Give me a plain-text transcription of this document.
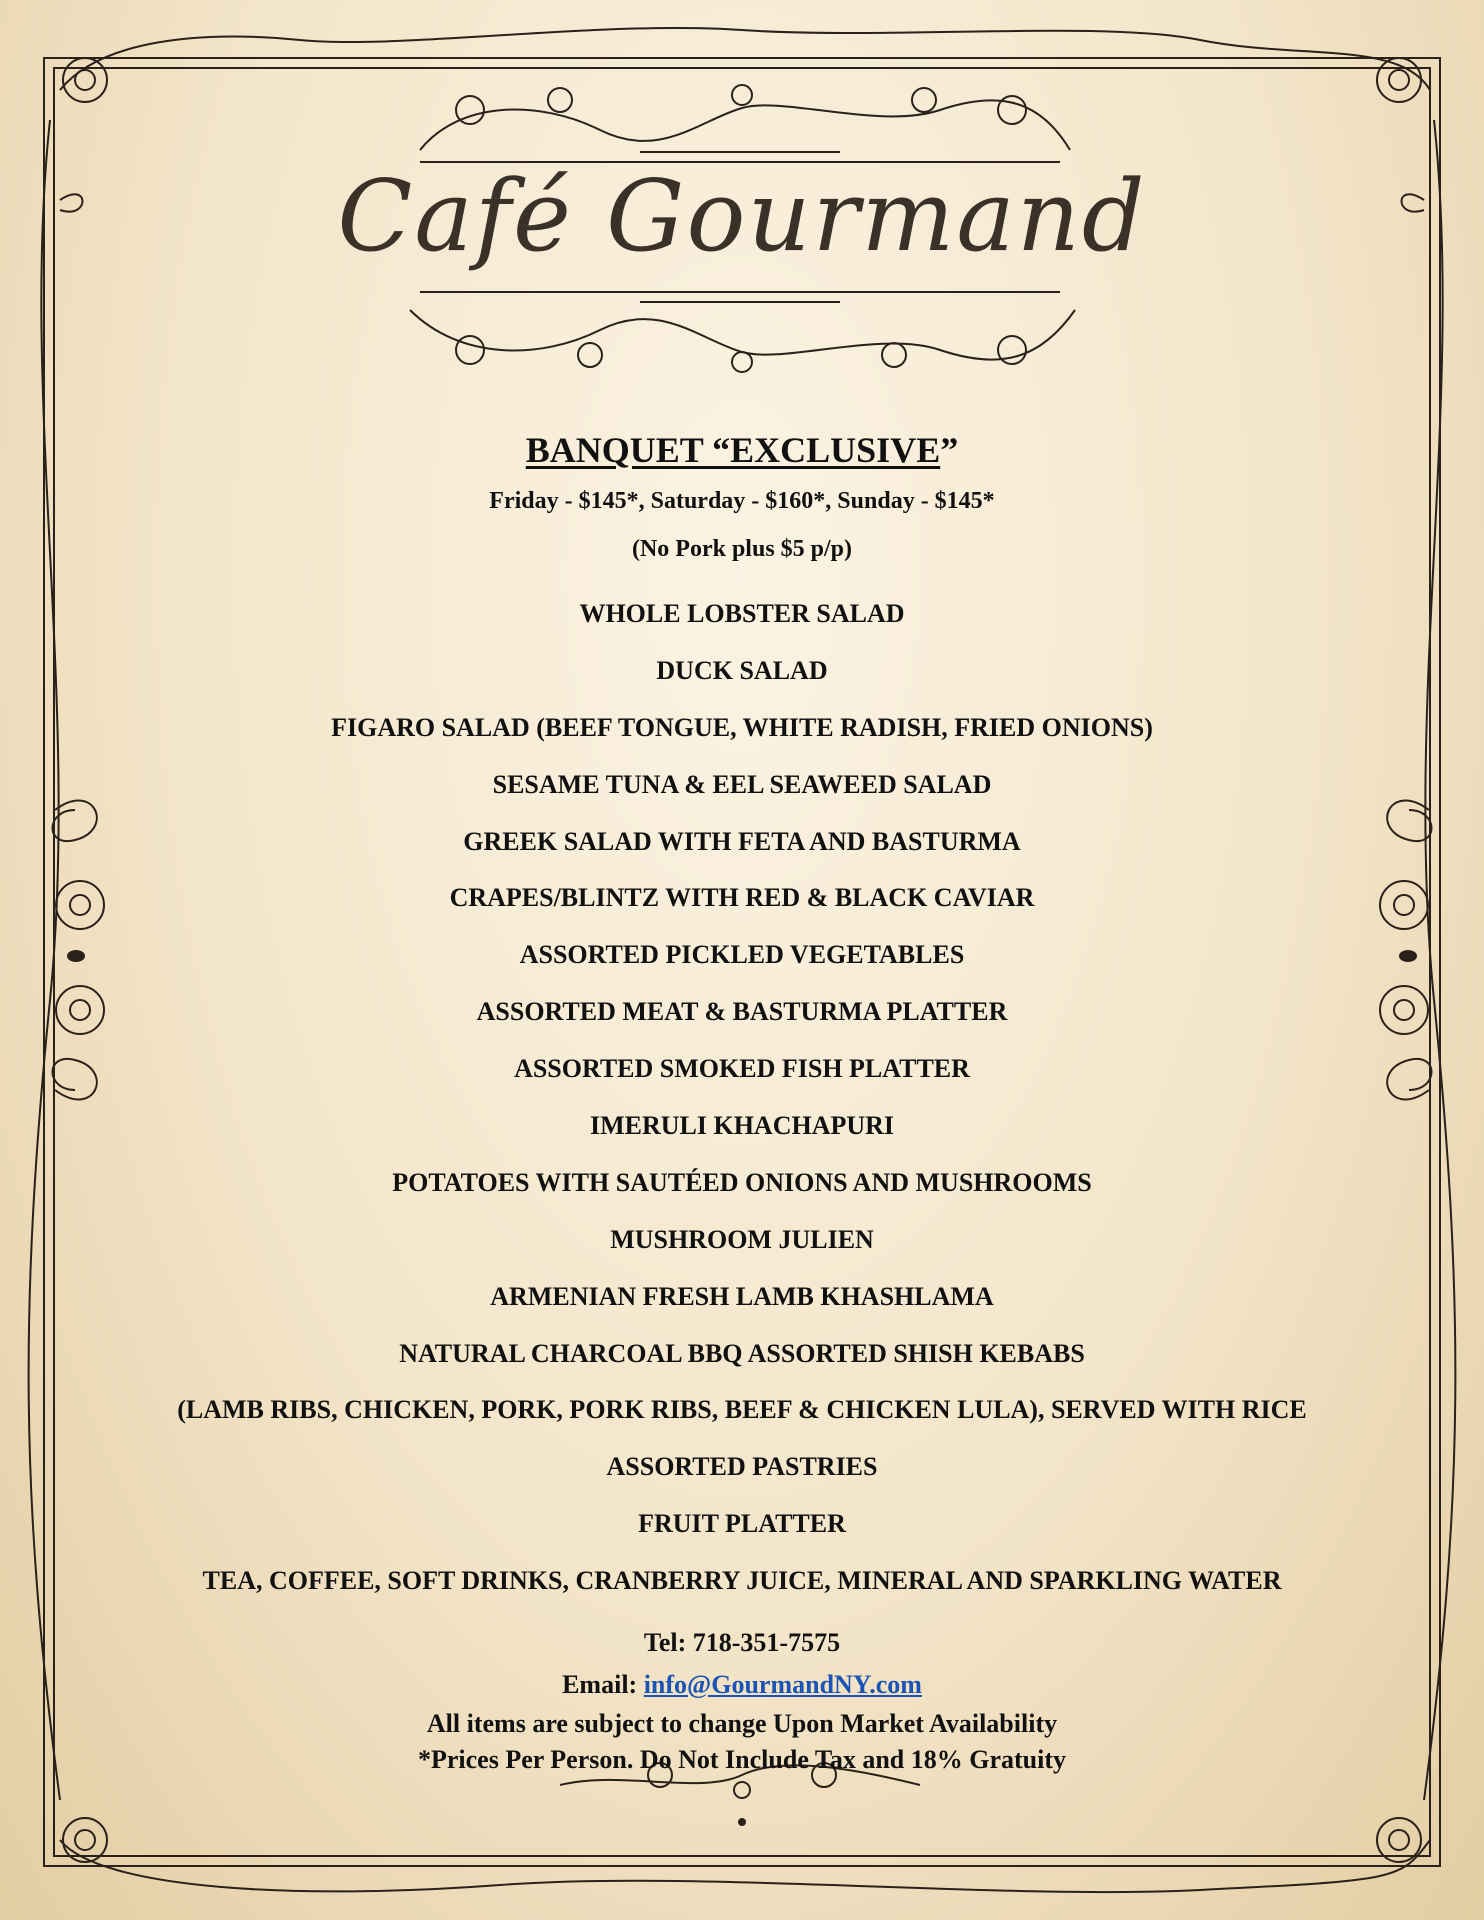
Café Gourmand
BANQUET “EXCLUSIVE”
Friday - $145*, Saturday - $160*, Sunday - $145*
(No Pork plus $5 p/p)
WHOLE LOBSTER SALAD
DUCK SALAD
FIGARO SALAD (BEEF TONGUE, WHITE RADISH, FRIED ONIONS)
SESAME TUNA & EEL SEAWEED SALAD
GREEK SALAD WITH FETA AND BASTURMA
CRAPES/BLINTZ WITH RED & BLACK CAVIAR
ASSORTED PICKLED VEGETABLES
ASSORTED MEAT & BASTURMA PLATTER
ASSORTED SMOKED FISH PLATTER
IMERULI KHACHAPURI
POTATOES WITH SAUTÉED ONIONS AND MUSHROOMS
MUSHROOM JULIEN
ARMENIAN FRESH LAMB KHASHLAMA
NATURAL CHARCOAL BBQ ASSORTED SHISH KEBABS
(LAMB RIBS, CHICKEN, PORK, PORK RIBS, BEEF & CHICKEN LULA), SERVED WITH RICE
ASSORTED PASTRIES
FRUIT PLATTER
TEA, COFFEE, SOFT DRINKS, CRANBERRY JUICE, MINERAL AND SPARKLING WATER
Tel: 718-351-7575
Email: info@GourmandNY.com
All items are subject to change Upon Market Availability
*Prices Per Person. Do Not Include Tax and 18% Gratuity
